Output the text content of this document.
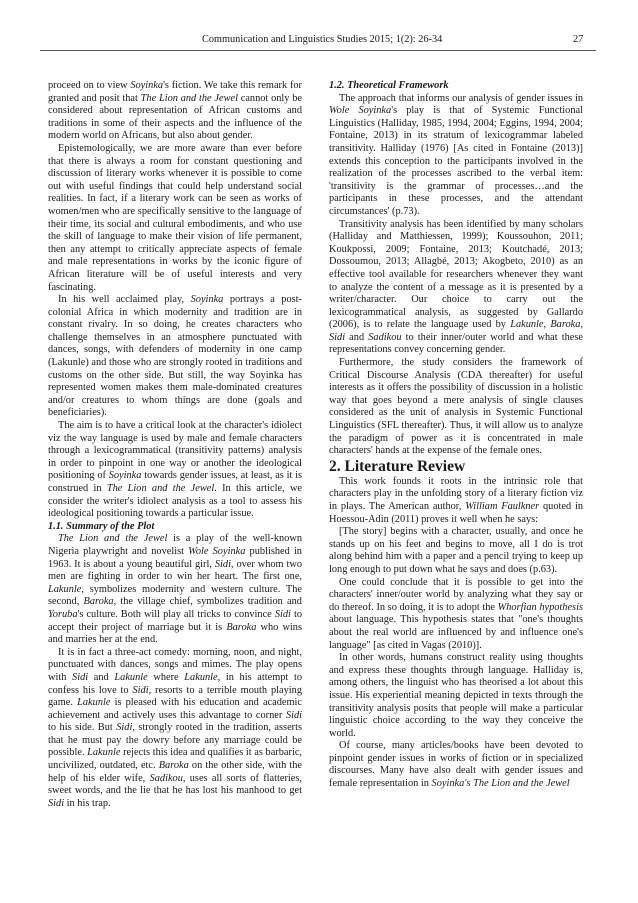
Communication and Linguistics Studies 2015; 1(2): 26-34	27

proceed on to view Soyinka's fiction. We take this remark for granted and posit that The Lion and the Jewel cannot only be considered about representation of African customs and traditions in some of their aspects and the influence of the modern world on Africans, but also about gender.

Epistemologically, we are more aware than ever before that there is always a room for constant questioning and discussion of literary works whenever it is possible to come out with useful findings that could help understand social realities. In fact, if a literary work can be seen as works of women/men who are specifically sensitive to the language of their time, its social and cultural embodiments, and who use the skill of language to make their vision of life permanent, then any attempt to critically appreciate aspects of female and male representations in works by the iconic figure of African literature will be of useful interests and very fascinating.

In his well acclaimed play, Soyinka portrays a post-colonial Africa in which modernity and tradition are in constant rivalry. In so doing, he creates characters who challenge themselves in an atmosphere punctuated with dances, songs, with defenders of modernity in one camp (Lakunle) and those who are strongly rooted in traditions and customs on the other side. But still, the way Soyinka has represented women makes them male-dominated creatures and/or creatures to whom things are done (goals and beneficiaries).

The aim is to have a critical look at the character's idiolect viz the way language is used by male and female characters through a lexicogrammatical (transitivity patterns) analysis in order to pinpoint in one way or another the ideological positioning of Soyinka towards gender issues, at least, as it is construed in The Lion and the Jewel. In this article, we consider the writer's idiolect analysis as a tool to assess his ideological positioning towards a particular issue.

1.1. Summary of the Plot

The Lion and the Jewel is a play of the well-known Nigeria playwright and novelist Wole Soyinka published in 1963. It is about a young beautiful girl, Sidi, over whom two men are fighting in order to win her heart. The first one, Lakunle, symbolizes modernity and western culture. The second, Baroka, the village chief, symbolizes tradition and Yoruba's culture. Both will play all tricks to convince Sidi to accept their project of marriage but it is Baroka who wins and marries her at the end.

It is in fact a three-act comedy: morning, noon, and night, punctuated with dances, songs and mimes. The play opens with Sidi and Lakunle where Lakunle, in his attempt to confess his love to Sidi, resorts to a terrible mouth playing game. Lakunle is pleased with his education and academic achievement and actively uses this advantage to corner Sidi to his side. But Sidi, strongly rooted in the tradition, asserts that he must pay the dowry before any marriage could be possible. Lakunle rejects this idea and qualifies it as barbaric, uncivilized, outdated, etc. Baroka on the other side, with the help of his elder wife, Sadikou, uses all sorts of flatteries, sweet words, and the lie that he has lost his manhood to get Sidi in his trap.

1.2. Theoretical Framework

The approach that informs our analysis of gender issues in Wole Soyinka's play is that of Systemic Functional Linguistics (Halliday, 1985, 1994, 2004; Eggins, 1994, 2004; Fontaine, 2013) in its stratum of lexicogrammar labeled transitivity. Halliday (1976) [As cited in Fontaine (2013)] extends this conception to the participants involved in the realization of the processes ascribed to the verbal item: 'transitivity is the grammar of processes…and the participants in these processes, and the attendant circumstances' (p.73).

Transitivity analysis has been identified by many scholars (Halliday and Matthiessen, 1999); Koussouhon, 2011; Koukpossi, 2009; Fontaine, 2013; Koutchadé, 2013; Dossoumou, 2013; Allagbé, 2013; Akogbeto, 2010) as an effective tool available for researchers whenever they want to analyze the content of a message as it is presented by a writer/character. Our choice to carry out the lexicogrammatical analysis, as suggested by Gallardo (2006), is to relate the language used by Lakunle, Baroka, Sidi and Sadikou to their inner/outer world and what these representations convey concerning gender.

Furthermore, the study considers the framework of Critical Discourse Analysis (CDA thereafter) for useful interests as it offers the possibility of discussion in a holistic way that goes beyond a mere analysis of single clauses considered as the unit of analysis in Systemic Functional Linguistics (SFL thereafter). Thus, it will allow us to analyze the paradigm of power as it is concentrated in male characters' hands at the expense of the female ones.

2. Literature Review

This work founds it roots in the intrinsic role that characters play in the unfolding story of a literary fiction viz in plays. The American author, William Faulkner quoted in Hoessou-Adin (2011) proves it well when he says:

[The story] begins with a character, usually, and once he stands up on his feet and begins to move, all I do is trot along behind him with a paper and a pencil trying to keep up long enough to put down what he says and does (p.63).

One could conclude that it is possible to get into the characters' inner/outer world by analyzing what they say or do thereof. In so doing, it is to adopt the Whorfian hypothesis about language. This hypothesis states that "one's thoughts about the real world are influenced by and influence one's language" [as cited in Vagas (2010)].

In other words, humans construct reality using thoughts and express these thoughts through language. Halliday is, among others, the linguist who has theorised a lot about this issue. His experiential meaning depicted in texts through the transitivity analysis posits that people will make a particular linguistic choice according to the way they conceive the world.

Of course, many articles/books have been devoted to pinpoint gender issues in works of fiction or in specialized discourses. Many have also dealt with gender issues and female representation in Soyinka's The Lion and the Jewel
